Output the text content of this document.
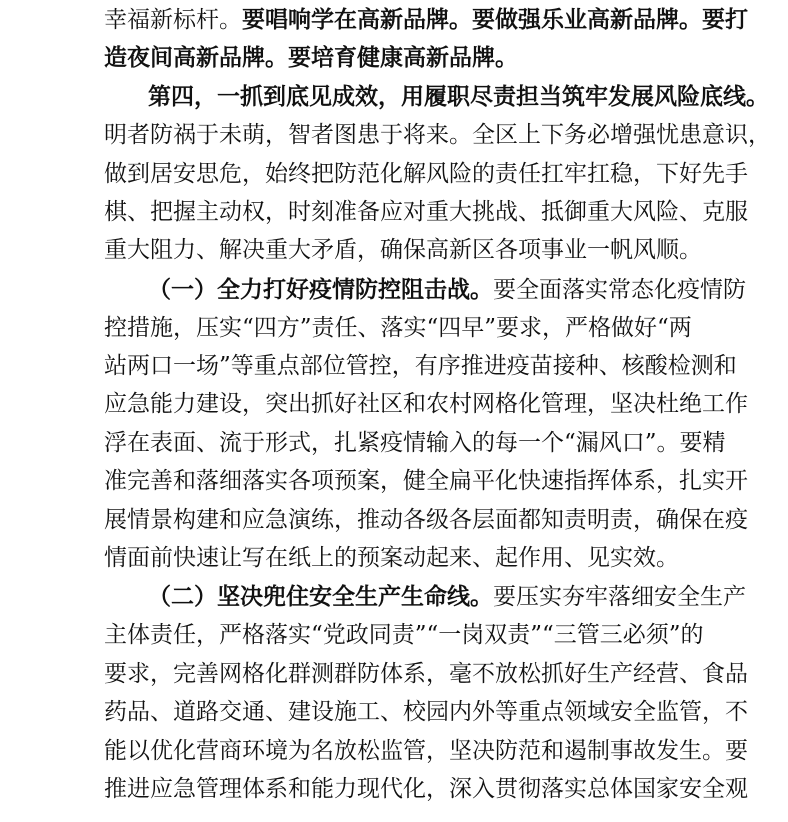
幸福新标杆。要唱响学在高新品牌。要做强乐业高新品牌。要打
造夜间高新品牌。要培育健康高新品牌。
第四，一抓到底见成效，用履职尽责担当筑牢发展风险底线。
明者防祸于未萌，智者图患于将来。全区上下务必增强忧患意识，
做到居安思危，始终把防范化解风险的责任扛牢扛稳，下好先手
棋、把握主动权，时刻准备应对重大挑战、抵御重大风险、克服
重大阻力、解决重大矛盾，确保高新区各项事业一帆风顺。
（一）全力打好疫情防控阻击战。要全面落实常态化疫情防
控措施，压实“四方”责任、落实“四早”要求，严格做好“两
站两口一场”等重点部位管控，有序推进疫苗接种、核酸检测和
应急能力建设，突出抓好社区和农村网格化管理，坚决杜绝工作
浮在表面、流于形式，扎紧疫情输入的每一个“漏风口”。要精
准完善和落细落实各项预案，健全扁平化快速指挥体系，扎实开
展情景构建和应急演练，推动各级各层面都知责明责，确保在疫
情面前快速让写在纸上的预案动起来、起作用、见实效。
（二）坚决兜住安全生产生命线。要压实夯牢落细安全生产
主体责任，严格落实“党政同责”“一岗双责”“三管三必须”的
要求，完善网格化群测群防体系，毫不放松抓好生产经营、食品
药品、道路交通、建设施工、校园内外等重点领域安全监管，不
能以优化营商环境为名放松监管，坚决防范和遏制事故发生。要
推进应急管理体系和能力现代化，深入贯彻落实总体国家安全观
